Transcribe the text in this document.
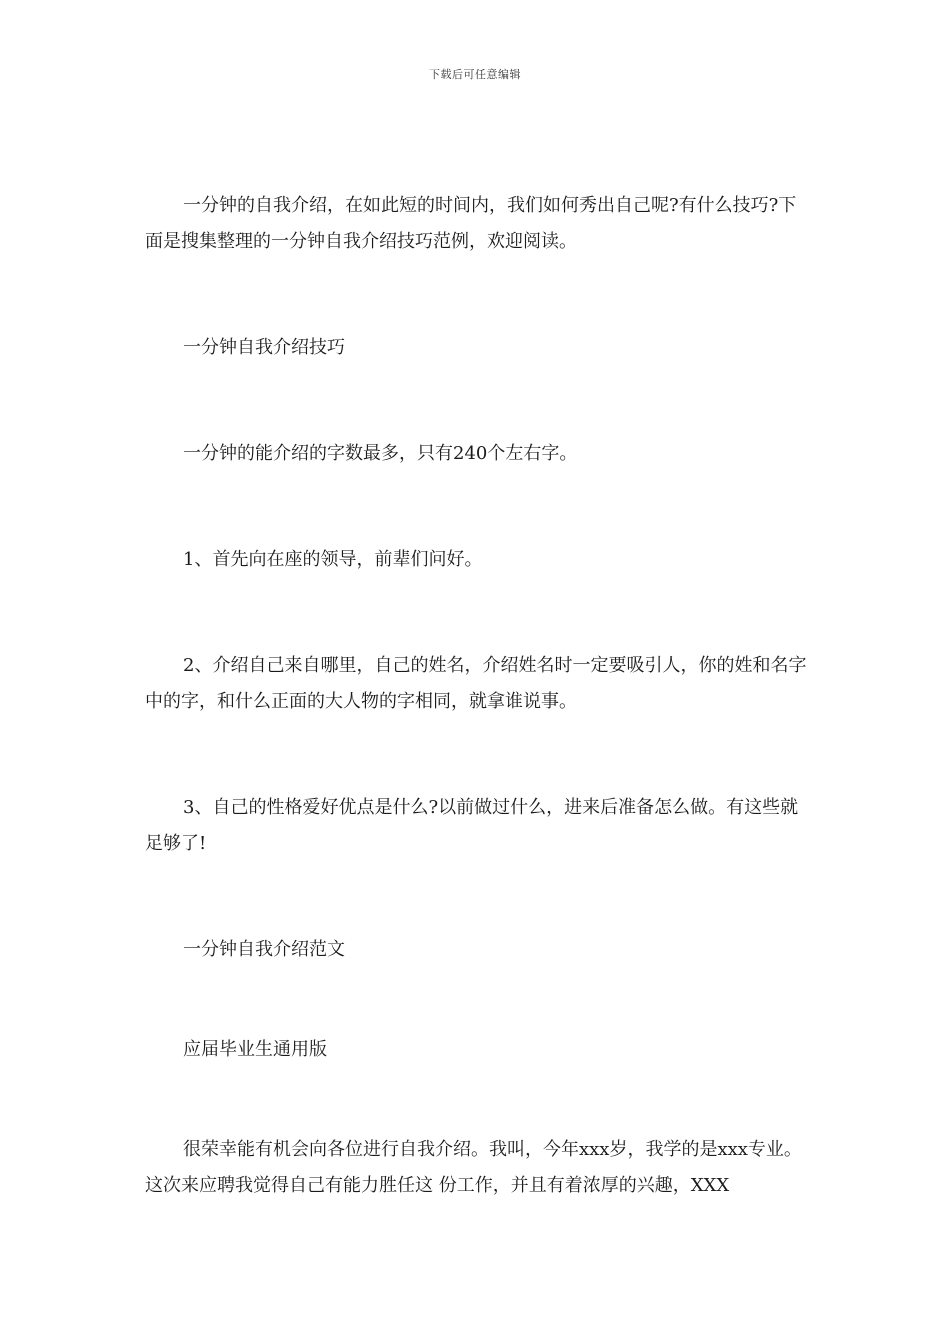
下载后可任意编辑

一分钟的自我介绍，在如此短的时间内，我们如何秀出自己呢?有什么技巧?下面是搜集整理的一分钟自我介绍技巧范例，欢迎阅读。

一分钟自我介绍技巧

一分钟的能介绍的字数最多，只有240个左右字。

1、首先向在座的领导，前辈们问好。

2、介绍自己来自哪里，自己的姓名，介绍姓名时一定要吸引人，你的姓和名字中的字，和什么正面的大人物的字相同，就拿谁说事。

3、自己的性格爱好优点是什么?以前做过什么，进来后准备怎么做。有这些就足够了!

一分钟自我介绍范文

应届毕业生通用版

很荣幸能有机会向各位进行自我介绍。我叫，今年xxx岁，我学的是xxx专业。这次来应聘我觉得自己有能力胜任这 份工作，并且有着浓厚的兴趣，XXX
